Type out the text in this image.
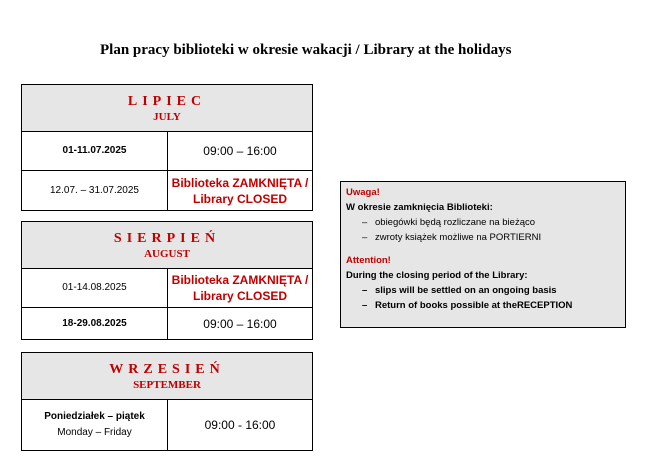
Plan pracy biblioteki w okresie wakacji / Library at the holidays
LIPIEC
JULY
01-11.07.2025	09:00 – 16:00
12.07. – 31.07.2025
Biblioteka ZAMKNIĘTA /
Library CLOSED
SIERPIEŃ
AUGUST
01-14.08.2025
Biblioteka ZAMKNIĘTA /
Library CLOSED
18-29.08.2025	09:00 – 16:00
WRZESIEŃ
SEPTEMBER
Poniedziałek – piątek
Monday – Friday
09:00 - 16:00
Uwaga!
W okresie zamknięcia Biblioteki:
– obiegówki będą rozliczane na bieżąco
– zwroty książek możliwe na PORTIERNI
Attention!
During the closing period of the Library:
– slips will be settled on an ongoing basis
– Return of books possible at theRECEPTION
